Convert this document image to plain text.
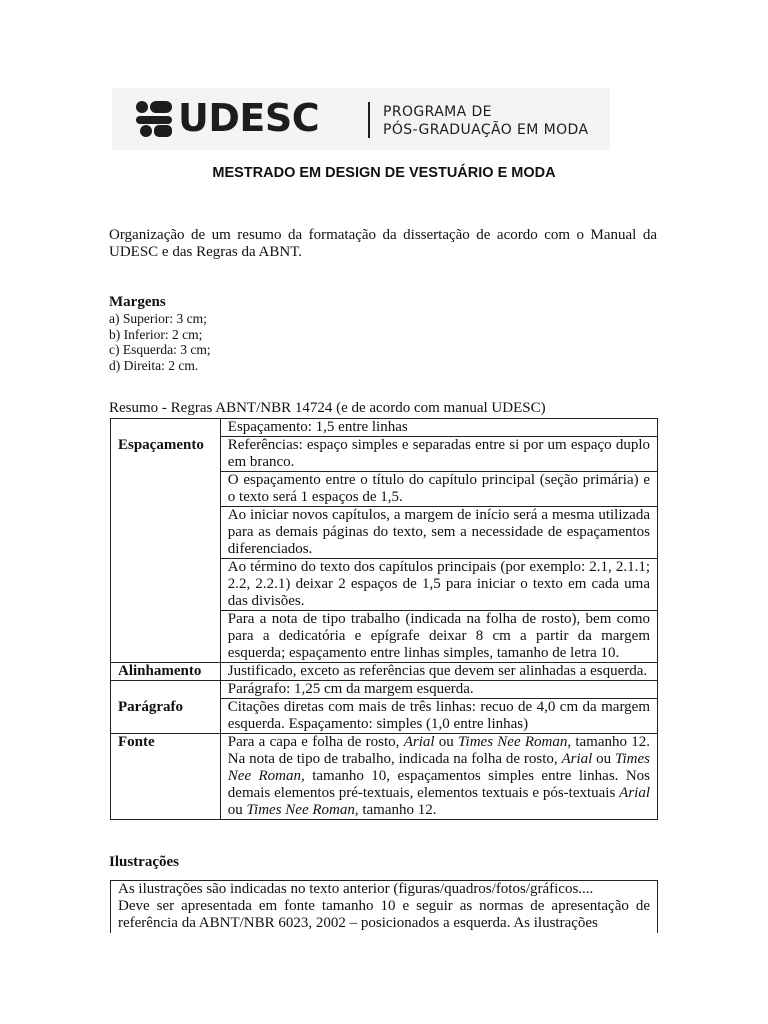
UDESC	PROGRAMA DE
PÓS-GRADUAÇÃO EM MODA
MESTRADO EM DESIGN DE VESTUÁRIO E MODA
Organização de um resumo da formatação da dissertação de acordo com o Manual da UDESC e das Regras da ABNT.
Margens
a) Superior: 3 cm;
b) Inferior: 2 cm;
c) Esquerda: 3 cm;
d) Direita: 2 cm.
Resumo - Regras ABNT/NBR 14724 (e de acordo com manual UDESC)
	Espaçamento: 1,5 entre linhas
Espaçamento	Referências: espaço simples e separadas entre si por um espaço duplo em branco.
	O espaçamento entre o título do capítulo principal (seção primária) e o texto será 1 espaços de 1,5.
	Ao iniciar novos capítulos, a margem de início será a mesma utilizada para as demais páginas do texto, sem a necessidade de espaçamentos diferenciados.
	Ao término do texto dos capítulos principais (por exemplo: 2.1, 2.1.1; 2.2, 2.2.1) deixar 2 espaços de 1,5 para iniciar o texto em cada uma das divisões.
	Para a nota de tipo trabalho (indicada na folha de rosto), bem como para a dedicatória e epígrafe deixar 8 cm a partir da margem esquerda; espaçamento entre linhas simples, tamanho de letra 10.
Alinhamento	Justificado, exceto as referências que devem ser alinhadas a esquerda.
Parágrafo	Parágrafo: 1,25 cm da margem esquerda.
	Citações diretas com mais de três linhas: recuo de 4,0 cm da margem esquerda. Espaçamento: simples (1,0 entre linhas)
Fonte	Para a capa e folha de rosto, Arial ou Times Nee Roman, tamanho 12. Na nota de tipo de trabalho, indicada na folha de rosto, Arial ou Times Nee Roman, tamanho 10, espaçamentos simples entre linhas. Nos demais elementos pré-textuais, elementos textuais e pós-textuais Arial ou Times Nee Roman, tamanho 12.
Ilustrações
As ilustrações são indicadas no texto anterior (figuras/quadros/fotos/gráficos....
Deve ser apresentada em fonte tamanho 10 e seguir as normas de apresentação de referência da ABNT/NBR 6023, 2002 – posicionados a esquerda. As ilustrações
